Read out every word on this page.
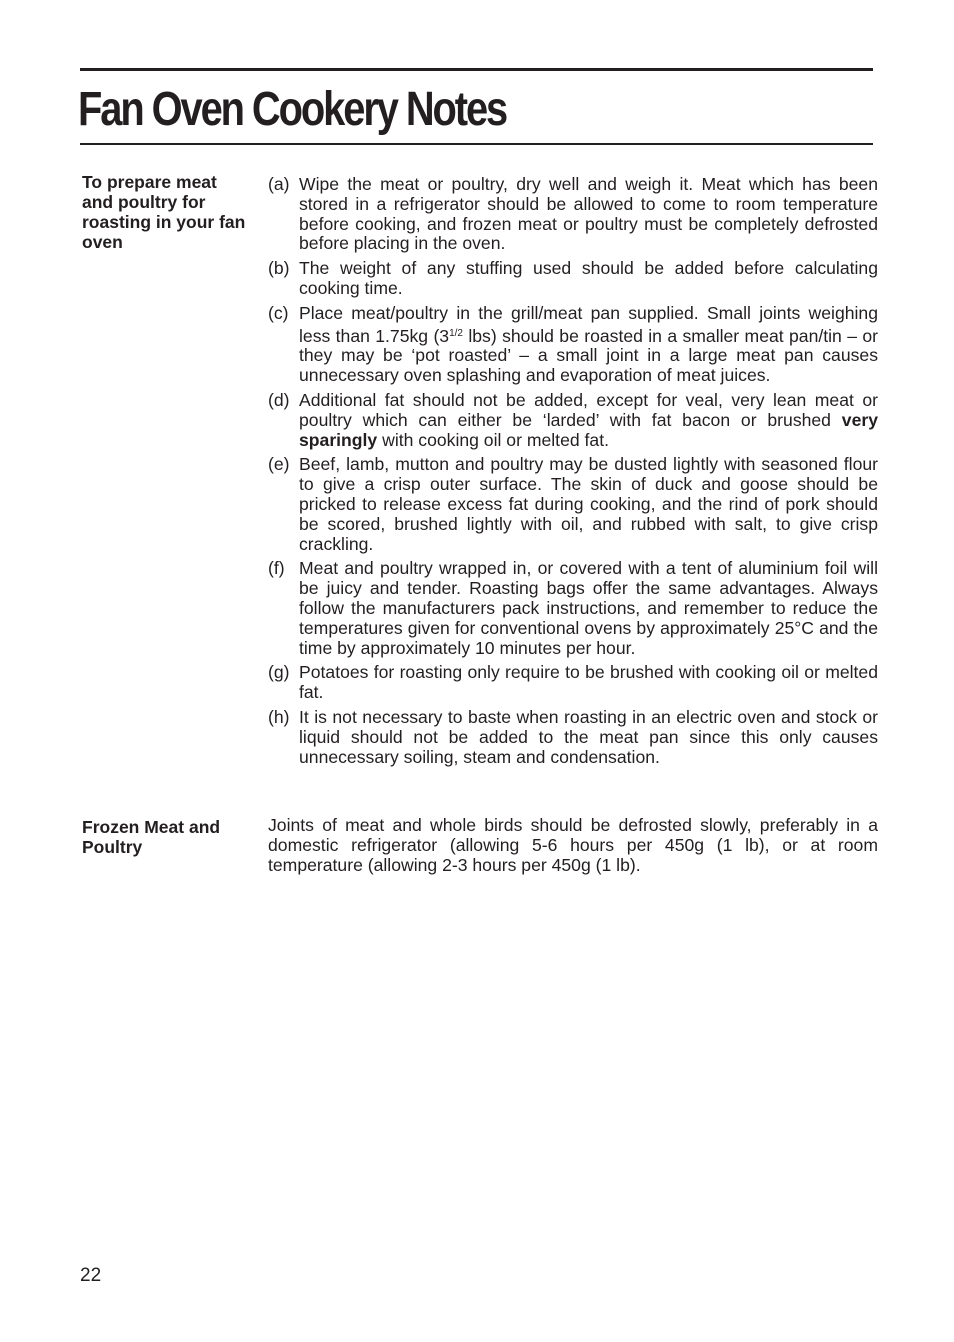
Fan Oven Cookery Notes
To prepare meat and poultry for roasting in your fan oven
(a) Wipe the meat or poultry, dry well and weigh it. Meat which has been stored in a refrigerator should be allowed to come to room temperature before cooking, and frozen meat or poultry must be completely defrosted before placing in the oven.
(b) The weight of any stuffing used should be added before calculating cooking time.
(c) Place meat/poultry in the grill/meat pan supplied. Small joints weighing less than 1.75kg ($3^{1/2}$ lbs) should be roasted in a smaller meat pan/tin – or they may be ‘pot roasted’ – a small joint in a large meat pan causes unnecessary oven splashing and evaporation of meat juices.
(d) Additional fat should not be added, except for veal, very lean meat or poultry which can either be ‘larded’ with fat bacon or brushed very sparingly with cooking oil or melted fat.
(e) Beef, lamb, mutton and poultry may be dusted lightly with seasoned flour to give a crisp outer surface. The skin of duck and goose should be pricked to release excess fat during cooking, and the rind of pork should be scored, brushed lightly with oil, and rubbed with salt, to give crisp crackling.
(f) Meat and poultry wrapped in, or covered with a tent of aluminium foil will be juicy and tender. Roasting bags offer the same advantages. Always follow the manufacturers pack instructions, and remember to reduce the temperatures given for conventional ovens by approximately 25°C and the time by approximately 10 minutes per hour.
(g) Potatoes for roasting only require to be brushed with cooking oil or melted fat.
(h) It is not necessary to baste when roasting in an electric oven and stock or liquid should not be added to the meat pan since this only causes unnecessary soiling, steam and condensation.
Frozen Meat and Poultry

Joints of meat and whole birds should be defrosted slowly, preferably in a domestic refrigerator (allowing 5-6 hours per 450g (1 lb), or at room temperature (allowing 2-3 hours per 450g (1 lb).

22
